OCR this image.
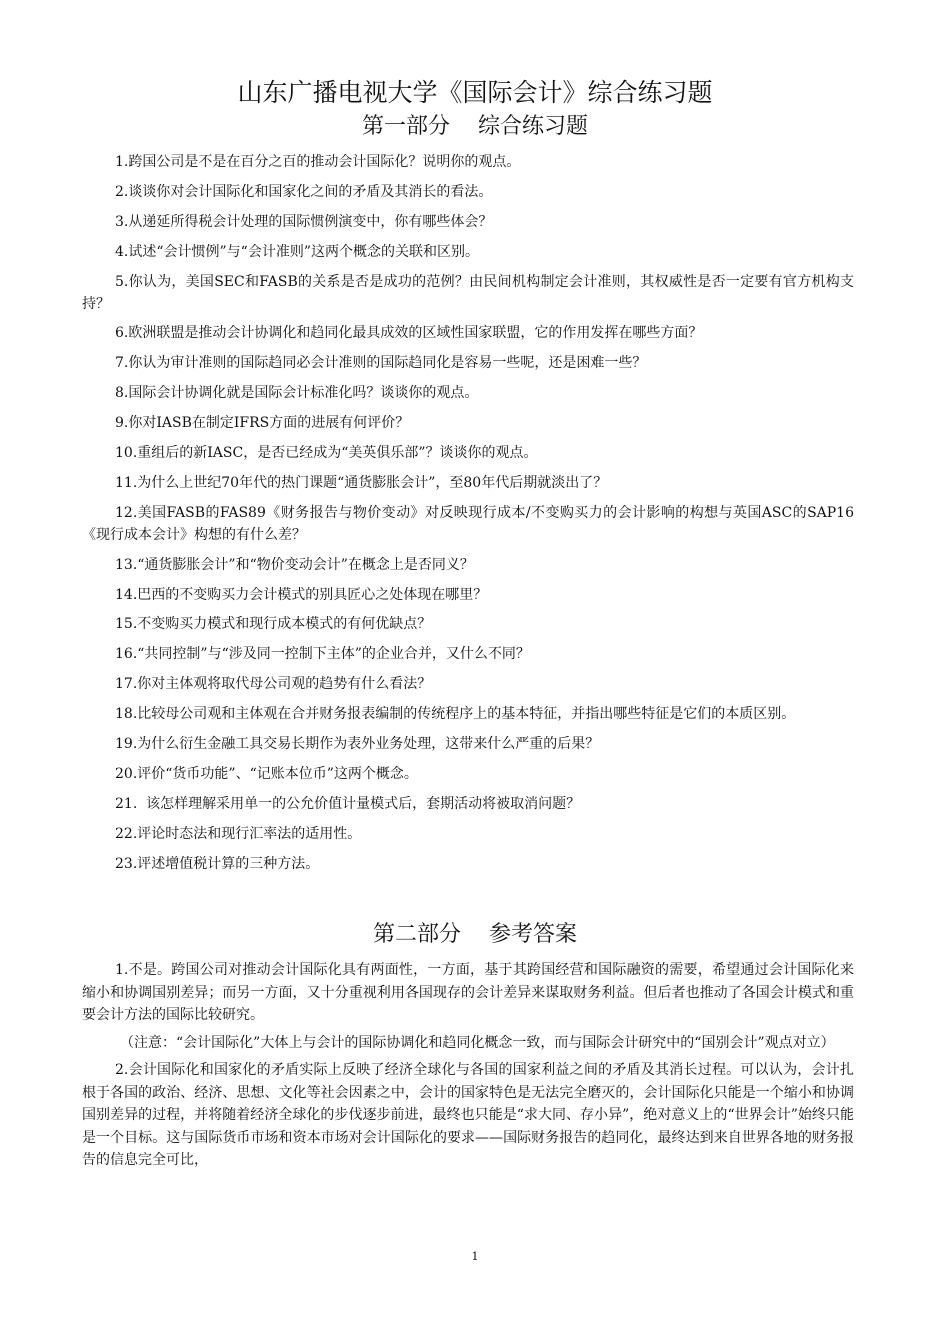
山东广播电视大学《国际会计》综合练习题
第一部分    综合练习题

1.跨国公司是不是在百分之百的推动会计国际化？说明你的观点。

2.谈谈你对会计国际化和国家化之间的矛盾及其消长的看法。

3.从递延所得税会计处理的国际惯例演变中，你有哪些体会？

4.试述“会计惯例”与“会计准则”这两个概念的关联和区别。

5.你认为，美国SEC和FASB的关系是否是成功的范例？由民间机构制定会计准则，其权威性是否一定要有官方机构支持？

6.欧洲联盟是推动会计协调化和趋同化最具成效的区域性国家联盟，它的作用发挥在哪些方面？

7.你认为审计准则的国际趋同必会计准则的国际趋同化是容易一些呢，还是困难一些？

8.国际会计协调化就是国际会计标准化吗？谈谈你的观点。

9.你对IASB在制定IFRS方面的进展有何评价？

10.重组后的新IASC，是否已经成为“美英俱乐部”？谈谈你的观点。

11.为什么上世纪70年代的热门课题“通货膨胀会计”，至80年代后期就淡出了？

12.美国FASB的FAS89《财务报告与物价变动》对反映现行成本/不变购买力的会计影响的构想与英国ASC的SAP16《现行成本会计》构想的有什么差？

13.“通货膨胀会计”和“物价变动会计”在概念上是否同义？

14.巴西的不变购买力会计模式的别具匠心之处体现在哪里？

15.不变购买力模式和现行成本模式的有何优缺点？

16.“共同控制”与“涉及同一控制下主体”的企业合并，又什么不同？

17.你对主体观将取代母公司观的趋势有什么看法？

18.比较母公司观和主体观在合并财务报表编制的传统程序上的基本特征，并指出哪些特征是它们的本质区别。

19.为什么衍生金融工具交易长期作为表外业务处理，这带来什么严重的后果？

20.评价“货币功能”、“记账本位币”这两个概念。

21.  该怎样理解采用单一的公允价值计量模式后，套期活动将被取消问题？

22.评论时态法和现行汇率法的适用性。

23.评述增值税计算的三种方法。

第二部分    参考答案

1.不是。跨国公司对推动会计国际化具有两面性，一方面，基于其跨国经营和国际融资的需要，希望通过会计国际化来缩小和协调国别差异；而另一方面，又十分重视利用各国现存的会计差异来谋取财务利益。但后者也推动了各国会计模式和重要会计方法的国际比较研究。

（注意：“会计国际化”大体上与会计的国际协调化和趋同化概念一致，而与国际会计研究中的“国别会计”观点对立）

2.会计国际化和国家化的矛盾实际上反映了经济全球化与各国的国家利益之间的矛盾及其消长过程。可以认为，会计扎根于各国的政治、经济、思想、文化等社会因素之中，会计的国家特色是无法完全磨灭的，会计国际化只能是一个缩小和协调国别差异的过程，并将随着经济全球化的步伐逐步前进，最终也只能是“求大同、存小异”，绝对意义上的“世界会计”始终只能是一个目标。这与国际货币市场和资本市场对会计国际化的要求——国际财务报告的趋同化，最终达到来自世界各地的财务报告的信息完全可比，

1
